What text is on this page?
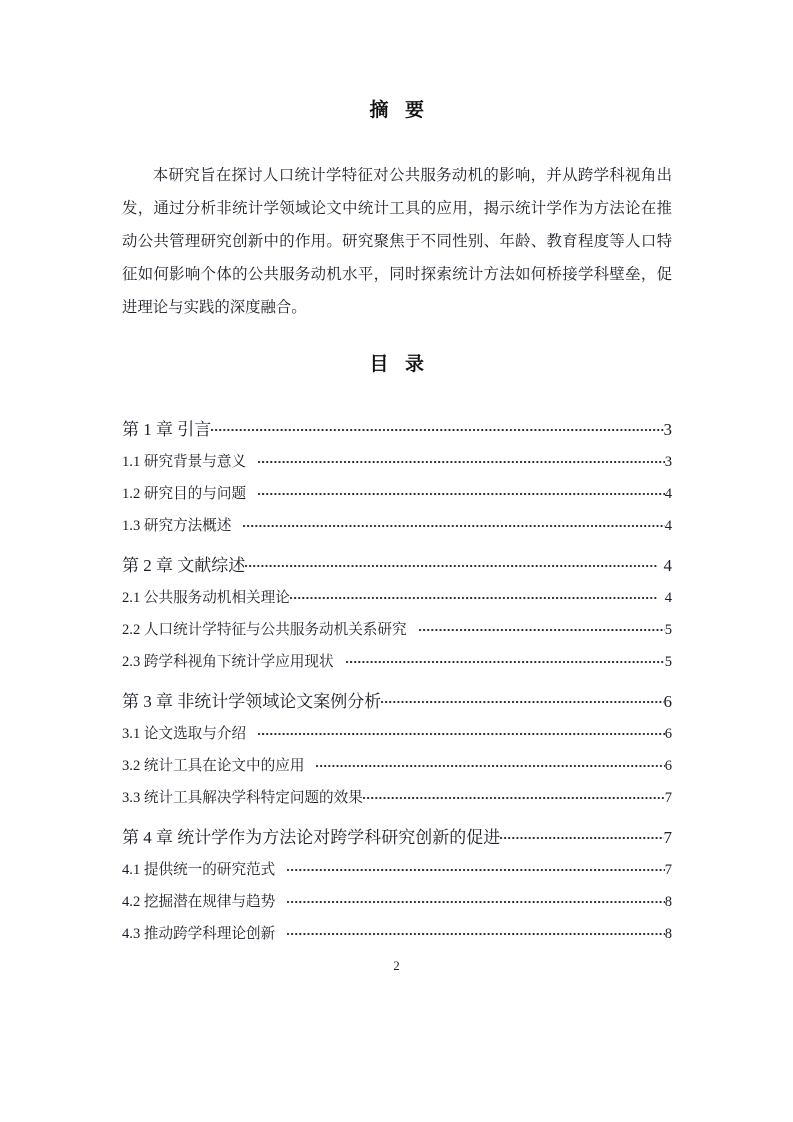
摘 要
本研究旨在探讨人口统计学特征对公共服务动机的影响，并从跨学科视角出发，通过分析非统计学领域论文中统计工具的应用，揭示统计学作为方法论在推动公共管理研究创新中的作用。研究聚焦于不同性别、年龄、教育程度等人口特征如何影响个体的公共服务动机水平，同时探索统计方法如何桥接学科壁垒，促进理论与实践的深度融合。
目 录
第 1 章 引言	3
1.1 研究背景与意义	3
1.2 研究目的与问题	4
1.3 研究方法概述	4
第 2 章 文献综述	4
2.1 公共服务动机相关理论	4
2.2 人口统计学特征与公共服务动机关系研究	5
2.3 跨学科视角下统计学应用现状	5
第 3 章 非统计学领域论文案例分析	6
3.1 论文选取与介绍	6
3.2 统计工具在论文中的应用	6
3.3 统计工具解决学科特定问题的效果	7
第 4 章 统计学作为方法论对跨学科研究创新的促进	7
4.1 提供统一的研究范式	7
4.2 挖掘潜在规律与趋势	8
4.3 推动跨学科理论创新	8
2
